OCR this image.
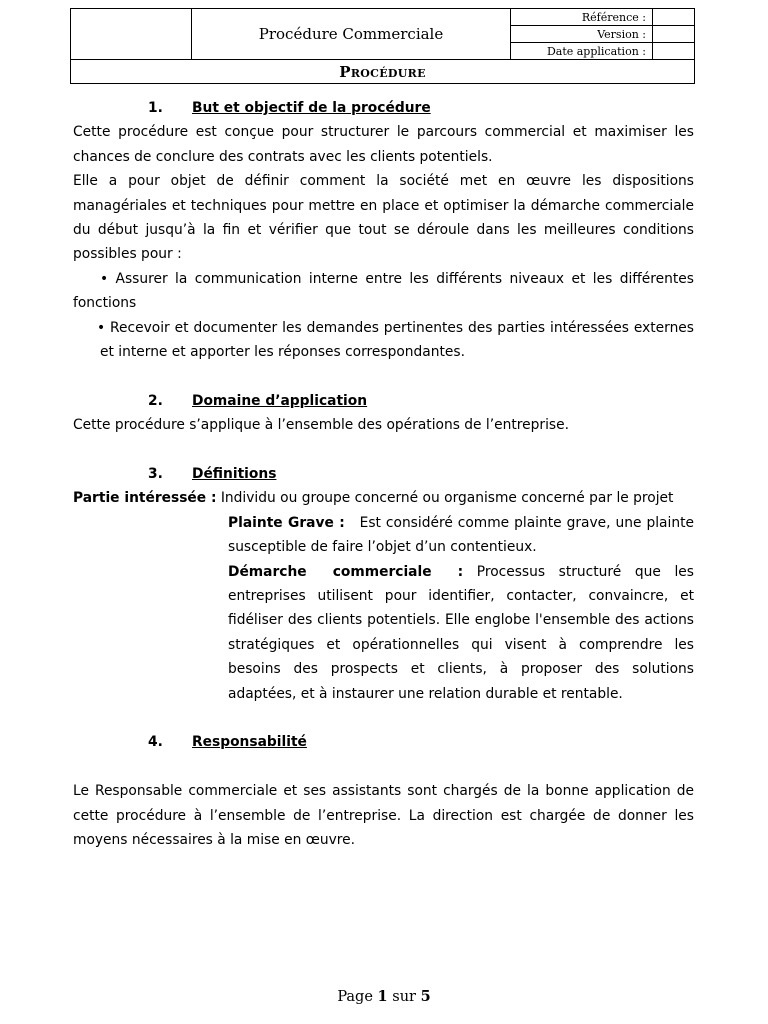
	Procédure Commerciale	Référence :	
		Version :	
		Date application :	
Procédure			
1. But et objectif de la procédure

Cette procédure est conçue pour structurer le parcours commercial et maximiser les chances de conclure des contrats avec les clients potentiels.

Elle a pour objet de définir comment la société met en œuvre les dispositions managériales et techniques pour mettre en place et optimiser la démarche commerciale du début jusqu’à la fin et vérifier que tout se déroule dans les meilleures conditions possibles pour :

• Assurer la communication interne entre les différents niveaux et les différentes fonctions

• Recevoir et documenter les demandes pertinentes des parties intéressées externes et interne et apporter les réponses correspondantes.

2. Domaine d’application

Cette procédure s’applique à l’ensemble des opérations de l’entreprise.

3. Définitions

Partie intéressée : Individu ou groupe concerné ou organisme concerné par le projet

Plainte Grave :   Est considéré comme plainte grave, une plainte susceptible de faire l’objet d’un contentieux.

Démarche commerciale : Processus structuré que les entreprises utilisent pour identifier, contacter, convaincre, et fidéliser des clients potentiels. Elle englobe l'ensemble des actions stratégiques et opérationnelles qui visent à comprendre les besoins des prospects et clients, à proposer des solutions adaptées, et à instaurer une relation durable et rentable.

4. Responsabilité

Le Responsable commerciale et ses assistants sont chargés de la bonne application de cette procédure à l’ensemble de l’entreprise. La direction est chargée de donner les moyens nécessaires à la mise en œuvre.

Page 1 sur 5
